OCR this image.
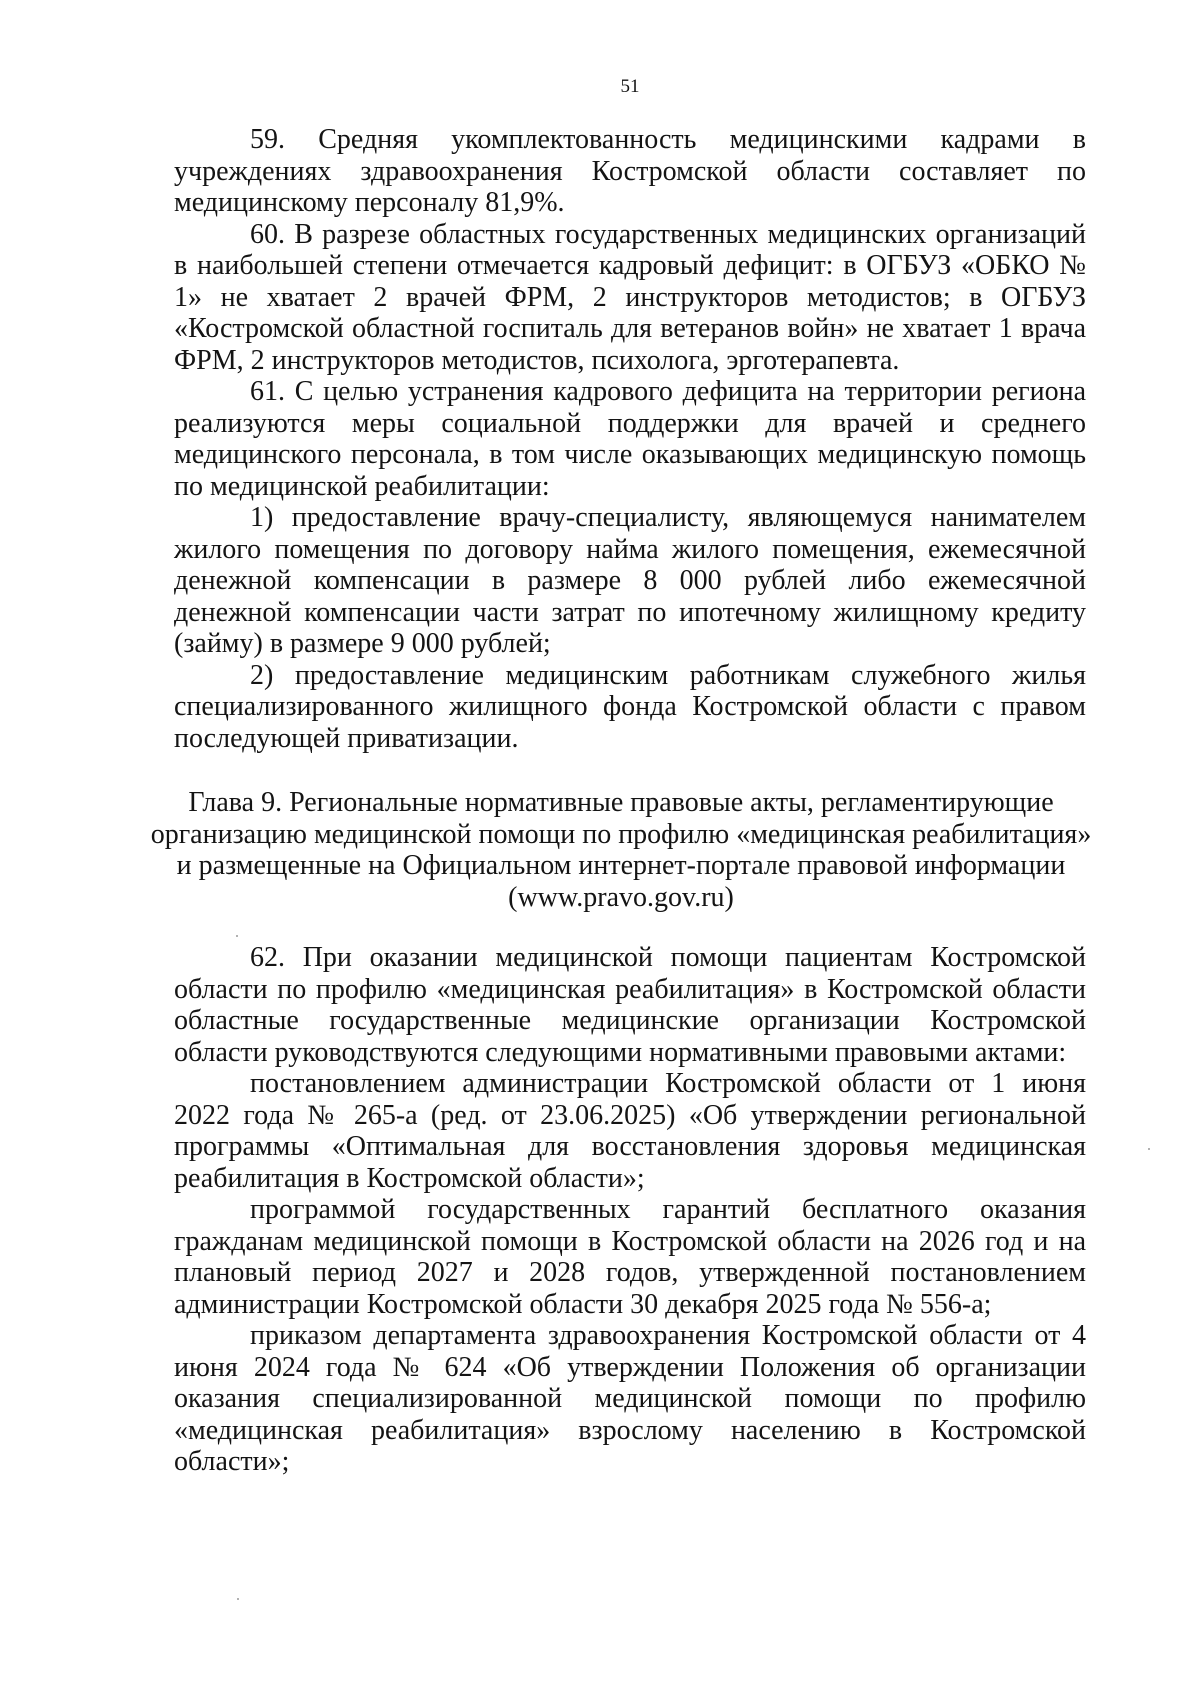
51

59. Средняя укомплектованность медицинскими кадрами в учреждениях здравоохранения Костромской области составляет по медицинскому персоналу 81,9%.

60. В разрезе областных государственных медицинских организаций в наибольшей степени отмечается кадровый дефицит: в ОГБУЗ «ОБКО № 1» не хватает 2 врачей ФРМ, 2 инструкторов методистов; в ОГБУЗ «Костромской областной госпиталь для ветеранов войн» не хватает 1 врача ФРМ, 2 инструкторов методистов, психолога, эрготерапевта.

61. С целью устранения кадрового дефицита на территории региона реализуются меры социальной поддержки для врачей и среднего медицинского персонала, в том числе оказывающих медицинскую помощь по медицинской реабилитации:

1) предоставление врачу-специалисту, являющемуся нанимателем жилого помещения по договору найма жилого помещения, ежемесячной денежной компенсации в размере 8 000 рублей либо ежемесячной денежной компенсации части затрат по ипотечному жилищному кредиту (займу) в размере 9 000 рублей;

2) предоставление медицинским работникам служебного жилья специализированного жилищного фонда Костромской области с правом последующей приватизации.

Глава 9. Региональные нормативные правовые акты, регламентирующие
организацию медицинской помощи по профилю «медицинская реабилитация»
и размещенные на Официальном интернет-портале правовой информации
(www.pravo.gov.ru)

62. При оказании медицинской помощи пациентам Костромской области по профилю «медицинская реабилитация» в Костромской области областные государственные медицинские организации Костромской области руководствуются следующими нормативными правовыми актами:

постановлением администрации Костромской области от 1 июня 2022 года № 265-а (ред. от 23.06.2025) «Об утверждении региональной программы «Оптимальная для восстановления здоровья медицинская реабилитация в Костромской области»;

программой государственных гарантий бесплатного оказания гражданам медицинской помощи в Костромской области на 2026 год и на плановый период 2027 и 2028 годов, утвержденной постановлением администрации Костромской области 30 декабря 2025 года № 556-а;

приказом департамента здравоохранения Костромской области от 4 июня 2024 года № 624 «Об утверждении Положения об организации оказания специализированной медицинской помощи по профилю «медицинская реабилитация» взрослому населению в Костромской области»;
